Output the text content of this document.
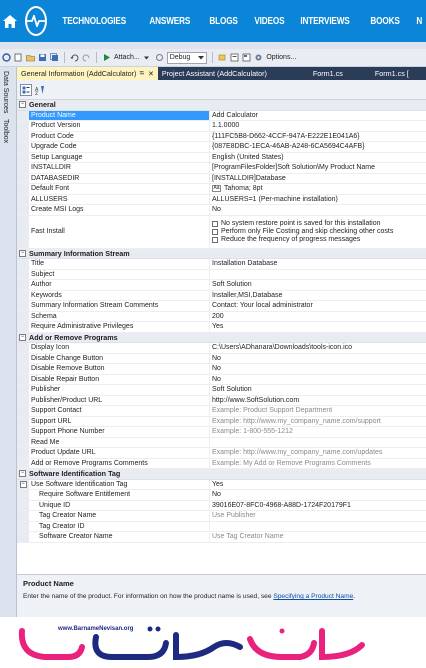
TECHNOLOGIES	ANSWERS	BLOGS	VIDEOS	INTERVIEWS	BOOKS	N
Attach...	Debug	Options...
Data Sources
Toolbox
General Information (AddCalculator) ⭾ ✕ Project Assistant (AddCalculator)	Form1.cs	Form1.cs [
A
Z
− General
Product Name	Add Calculator
Product Version	1.1.0000
Product Code	{111FC5B8-D662-4CCF-947A-E222E1E041A6}
Upgrade Code	{087E8DBC-1ECA-46AB-A248-6CA5694C4AFB}
Setup Language	English (United States)
INSTALLDIR	[ProgramFilesFolder]Soft Solution\My Product Name
DATABASEDIR	[INSTALLDIR]Database
Default Font	Aa Tahoma; 8pt
ALLUSERS	ALLUSERS=1 (Per-machine installation)
Create MSI Logs	No
Fast Install
No system restore point is saved for this installation
Perform only File Costing and skip checking other costs
Reduce the frequency of progress messages
− Summary Information Stream
Title	Installation Database
Subject
Author	Soft Solution
Keywords	Installer,MSI,Database
Summary Information Stream Comments	Contact: Your local administrator
Schema	200
Require Administrative Privileges	Yes
− Add or Remove Programs
Display Icon	C:\Users\ADhanara\Downloads\tools-icon.ico
Disable Change Button	No
Disable Remove Button	No
Disable Repair Button	No
Publisher	Soft Solution
Publisher/Product URL	http://www.SoftSolution.com
Support Contact	Example: Product Support Department
Support URL	Example: http://www.my_company_name.com/support
Support Phone Number	Example: 1-800-555-1212
Read Me
Product Update URL	Example: http://www.my_company_name.com/updates
Add or Remove Programs Comments	Example: My Add or Remove Programs Comments
− Software Identification Tag
− Use Software Identification Tag	Yes
Require Software Entitlement	No
Unique ID	39016E07-8FC0-4968-A88D-1724F20179F1
Tag Creator Name	Use Publisher
Tag Creator ID
Software Creator Name	Use Tag Creator Name
Product Name
Enter the name of the product. For information on how the product name is used, see Specifying a Product Name.
www.BarnameNevisan.org
